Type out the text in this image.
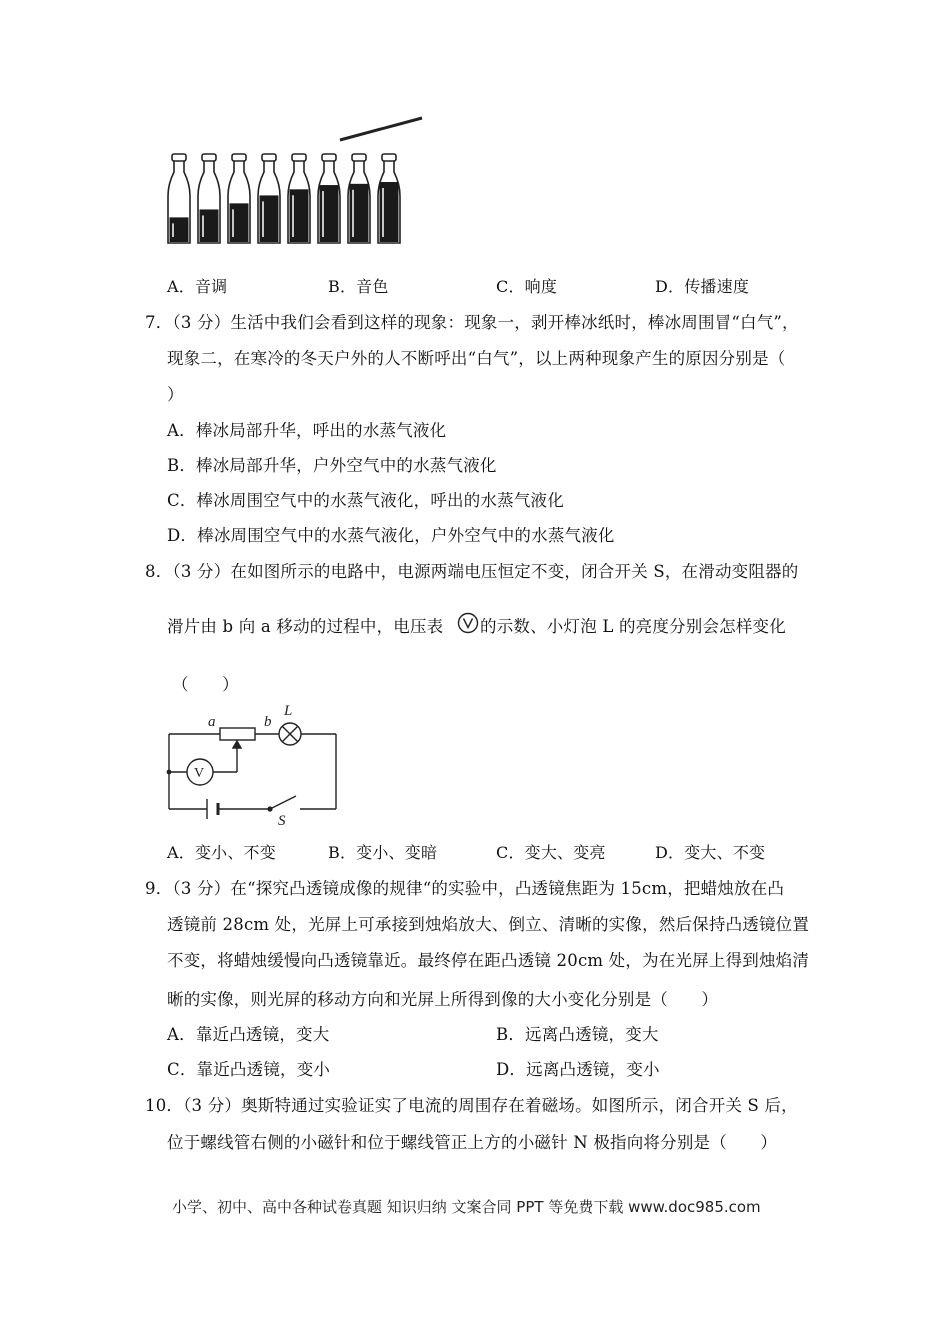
A．音调	B．音色	C．响度	D．传播速度
7．（3 分）生活中我们会看到这样的现象：现象一，剥开棒冰纸时，棒冰周围冒“白气”，
现象二，在寒冷的冬天户外的人不断呼出“白气”，以上两种现象产生的原因分别是（
）
A．棒冰局部升华，呼出的水蒸气液化
B．棒冰局部升华，户外空气中的水蒸气液化
C．棒冰周围空气中的水蒸气液化，呼出的水蒸气液化
D．棒冰周围空气中的水蒸气液化，户外空气中的水蒸气液化
8．（3 分）在如图所示的电路中，电源两端电压恒定不变，闭合开关 S，在滑动变阻器的
滑片由 b 向 a 移动的过程中，电压表 的示数、小灯泡 L 的亮度分别会怎样变化
（　　）
a	b
L
V
S
A．变小、不变	B．变小、变暗	C．变大、变亮	D．变大、不变
9．（3 分）在“探究凸透镜成像的规律“的实验中，凸透镜焦距为 15cm，把蜡烛放在凸
透镜前 28cm 处，光屏上可承接到烛焰放大、倒立、清晰的实像，然后保持凸透镜位置
不变，将蜡烛缓慢向凸透镜靠近。最终停在距凸透镜 20cm 处，为在光屏上得到烛焰清
晰的实像，则光屏的移动方向和光屏上所得到像的大小变化分别是（　　）
A．靠近凸透镜，变大	B．远离凸透镜，变大
C．靠近凸透镜，变小	D．远离凸透镜，变小
10．（3 分）奥斯特通过实验证实了电流的周围存在着磁场。如图所示，闭合开关 S 后，
位于螺线管右侧的小磁针和位于螺线管正上方的小磁针 N 极指向将分别是（　　）
小学、初中、高中各种试卷真题 知识归纳 文案合同 PPT 等免费下载 www.doc985.com
